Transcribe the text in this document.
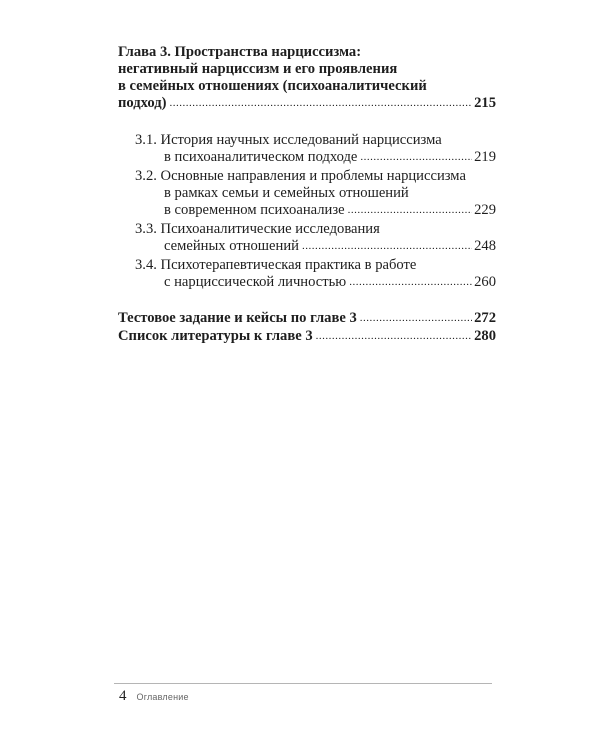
Глава 3. Пространства нарциссизма:
негативный нарциссизм и его проявления
в семейных отношениях (психоаналитический
подход) .....	215
3.1. История научных исследований нарциссизма
в психоаналитическом подходе .....	219
3.2. Основные направления и проблемы нарциссизма
в рамках семьи и семейных отношений
в современном психоанализе .....	229
3.3. Психоаналитические исследования
семейных отношений .....	248
3.4. Психотерапевтическая практика в работе
с нарциссической личностью .....	260
Тестовое задание и кейсы по главе 3 .....	272
Список литературы к главе 3 .....	280
4 Оглавление
